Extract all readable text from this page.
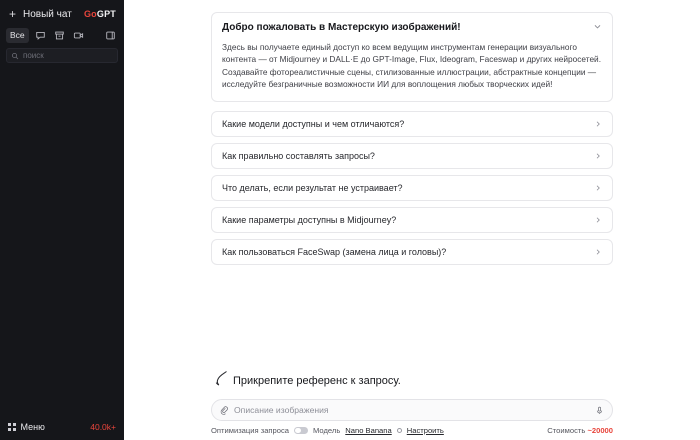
+ Новый чат GoGPT
Все
поиск
Меню	40.0k+
Добро пожаловать в Мастерскую изображений!
Здесь вы получаете единый доступ ко всем ведущим инструментам генерации визуального контента — от Midjourney и DALL·E до GPT-Image, Flux, Ideogram, Faceswap и других нейросетей. Создавайте фотореалистичные сцены, стилизованные иллюстрации, абстрактные концепции — исследуйте безграничные возможности ИИ для воплощения любых творческих идей!
Какие модели доступны и чем отличаются?
Как правильно составлять запросы?
Что делать, если результат не устраивает?
Какие параметры доступны в Midjourney?
Как пользоваться FaceSwap (замена лица и головы)?
Прикрепите референс к запросу.
Описание изображения
Оптимизация запроса	Модель Nano Banana Настроить	Стоимость ~20000
